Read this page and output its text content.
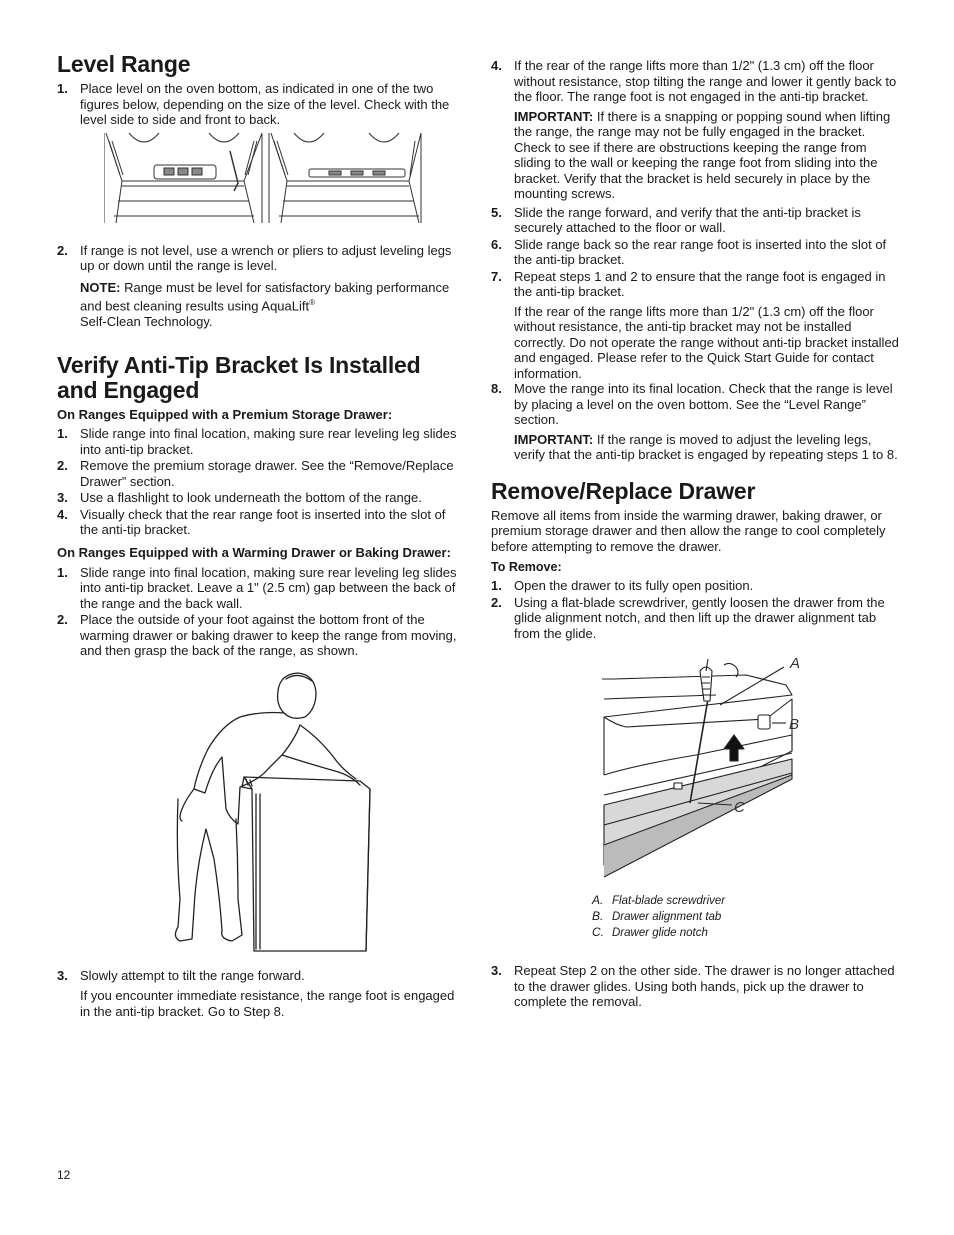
Level Range
1. Place level on the oven bottom, as indicated in one of the two figures below, depending on the size of the level. Check with the level side to side and front to back.
2. If range is not level, use a wrench or pliers to adjust leveling legs up or down until the range is level.

NOTE: Range must be level for satisfactory baking performance and best cleaning results using AquaLift®
Self-Clean Technology.

Verify Anti-Tip Bracket Is Installed
and Engaged
On Ranges Equipped with a Premium Storage Drawer:
1. Slide range into final location, making sure rear leveling leg slides into anti-tip bracket.
2. Remove the premium storage drawer. See the “Remove/Replace Drawer” section.
3. Use a flashlight to look underneath the bottom of the range.
4. Visually check that the rear range foot is inserted into the slot of the anti-tip bracket.
On Ranges Equipped with a Warming Drawer or Baking Drawer:
1. Slide range into final location, making sure rear leveling leg slides into anti-tip bracket. Leave a 1" (2.5 cm) gap between the back of the range and the back wall.
2. Place the outside of your foot against the bottom front of the warming drawer or baking drawer to keep the range from moving, and then grasp the back of the range, as shown.
3. Slowly attempt to tilt the range forward.

If you encounter immediate resistance, the range foot is engaged in the anti-tip bracket. Go to Step 8.

4. If the rear of the range lifts more than 1/2" (1.3 cm) off the floor without resistance, stop tilting the range and lower it gently back to the floor. The range foot is not engaged in the anti-tip bracket.

IMPORTANT: If there is a snapping or popping sound when lifting the range, the range may not be fully engaged in the bracket. Check to see if there are obstructions keeping the range from sliding to the wall or keeping the range foot from sliding into the bracket. Verify that the bracket is held securely in place by the mounting screws.

5. Slide the range forward, and verify that the anti-tip bracket is securely attached to the floor or wall.
6. Slide range back so the rear range foot is inserted into the slot of the anti-tip bracket.
7. Repeat steps 1 and 2 to ensure that the range foot is engaged in the anti-tip bracket.

If the rear of the range lifts more than 1/2" (1.3 cm) off the floor without resistance, the anti-tip bracket may not be installed correctly. Do not operate the range without anti-tip bracket installed and engaged. Please refer to the Quick Start Guide for contact information.

8. Move the range into its final location. Check that the range is level by placing a level on the oven bottom. See the “Level Range” section.

IMPORTANT: If the range is moved to adjust the leveling legs, verify that the anti-tip bracket is engaged by repeating steps 1 to 8.

Remove/Replace Drawer

Remove all items from inside the warming drawer, baking drawer, or premium storage drawer and then allow the range to cool completely before attempting to remove the drawer.

To Remove:
1. Open the drawer to its fully open position.
2. Using a flat-blade screwdriver, gently loosen the drawer from the glide alignment notch, and then lift up the drawer alignment tab from the glide.
A
B
C
A. Flat-blade screwdriver
B. Drawer alignment tab
C. Drawer glide notch
3. Repeat Step 2 on the other side. The drawer is no longer attached to the drawer glides. Using both hands, pick up the drawer to complete the removal.
12
